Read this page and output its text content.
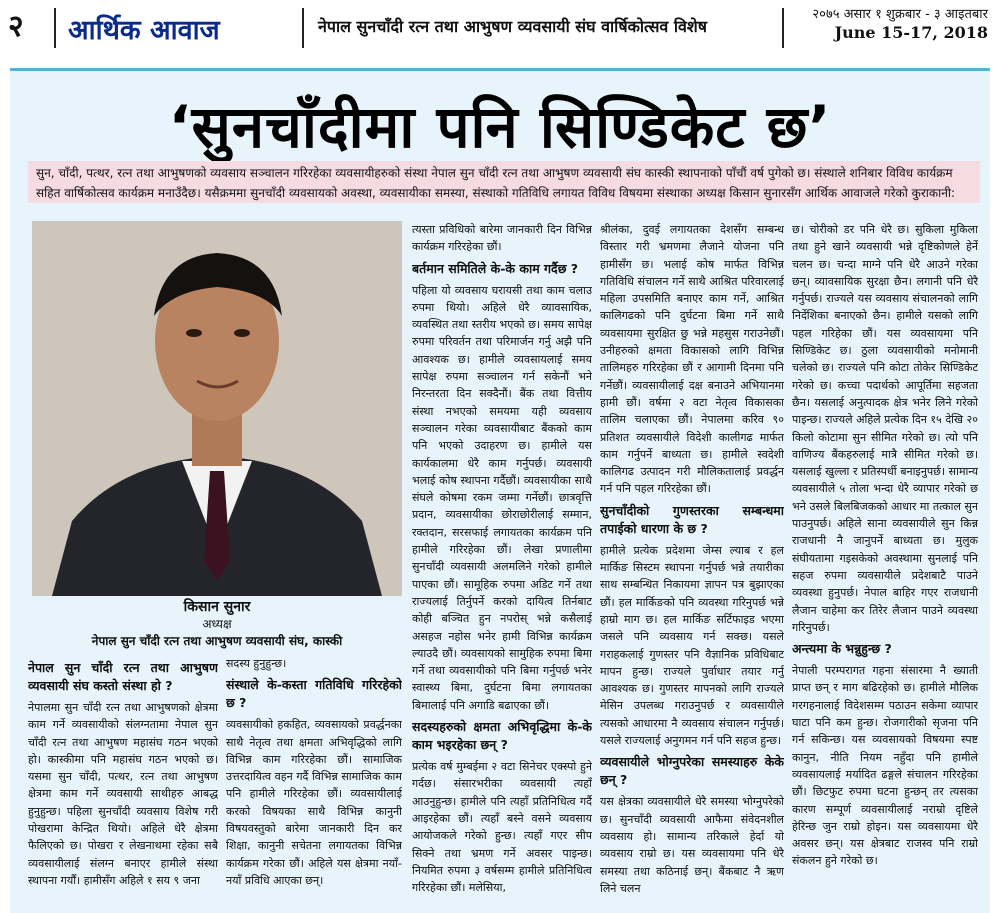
२ आर्थिक आवाज	नेपाल सुनचाँदी रत्न तथा आभुषण व्यवसायी संघ वार्षिकोत्सव विशेष
२०७५ असार १ शुक्रबार - ३ आइतबार
June 15-17, 2018
‘सुनचाँदीमा पनि सिण्डिकेट छ’
सुन, चाँदी, पत्थर, रत्न तथा आभुषणको व्यवसाय सञ्चालन गरिरहेका व्यवसायीहरुको संस्था नेपाल सुन चाँदी रत्न तथा आभुषण व्यवसायी संघ कास्की स्थापनाको पाँचौं वर्ष पुगेको छ। संस्थाले शनिबार विविध कार्यक्रम सहित वार्षिकोत्सव कार्यक्रम मनाउँदैछ। यसैक्रममा सुनचाँदी व्यवसायको अवस्था, व्यवसायीका समस्या, संस्थाको गतिविधि लगायत विविध विषयमा संस्थाका अध्यक्ष किसान सुनारसँग आर्थिक आवाजले गरेको कुराकानी:
किसान सुनार
अध्यक्ष
नेपाल सुन चाँदी रत्न तथा आभुषण व्यवसायी संघ, कास्की
नेपाल सुन चाँदी रत्न तथा आभुषण व्यवसायी संघ कस्तो संस्था हो ?

नेपालमा सुन चाँदी रत्न तथा आभुषणको क्षेत्रमा काम गर्ने व्यवसायीको संलग्नतामा नेपाल सुन चाँदी रत्न तथा आभुषण महासंघ गठन भएको हो। कास्कीमा पनि महासंघ गठन भएको छ। यसमा सुन चाँदी, पत्थर, रत्न तथा आभुषण क्षेत्रमा काम गर्ने व्यवसायी साथीहरु आबद्ध हुनुहुन्छ। पहिला सुनचाँदी व्यवसाय विशेष गरी पोखरामा केन्द्रित थियो। अहिले धेरै क्षेत्रमा फैलिएको छ। पोखरा र लेखनाथमा रहेका सबै व्यवसायीलाई संलग्न बनाएर हामीले संस्था स्थापना गर्यौं। हामीसँग अहिले १ सय ९ जना

सदस्य हुनुहुन्छ।

संस्थाले के-कस्ता गतिविधि गरिरहेको छ ?

व्यवसायीको हकहित, व्यवसायको प्रवर्द्धनका साथै नेतृत्व तथा क्षमता अभिवृद्धिको लागि विभिन्न काम गरिरहेका छौं। सामाजिक उत्तरदायित्व वहन गर्दै विभिन्न सामाजिक काम पनि हामीले गरिरहेका छौं। व्यवसायीलाई करको विषयका साथै विभिन्न कानुनी विषयवस्तुको बारेमा जानकारी दिन कर शिक्षा, कानुनी सचेतना लगायतका विभिन्न कार्यक्रम गरेका छौं। अहिले यस क्षेत्रमा नयाँ-नयाँ प्रविधि आएका छन्।

त्यस्ता प्रविधिको बारेमा जानकारी दिन विभिन्न कार्यक्रम गरिरहेका छौं।

बर्तमान समितिले के-के काम गर्दैछ ?

पहिला यो व्यवसाय घरायसी तथा काम चलाउ रुपमा थियो। अहिले धेरै व्यावसायिक, व्यवस्थित तथा स्तरीय भएको छ। समय सापेक्ष रुपमा परिवर्तन तथा परिमार्जन गर्नु अझै पनि आवश्यक छ। हामीले व्यवसायलाई समय सापेक्ष रुपमा सञ्चालन गर्न सकेनौं भने निरन्तरता दिन सक्दैनौं। बैंक तथा वित्तीय संस्था नभएको समयमा यही व्यवसाय सञ्चालन गरेका व्यवसायीबाट बैंकको काम पनि भएको उदाहरण छ। हामीले यस कार्यकालमा धेरै काम गर्नुपर्छ। व्यवसायी भलाई कोष स्थापना गर्दैछौं। व्यवसायीका साथै संघले कोषमा रकम जम्मा गर्नेछौं। छात्रवृत्ति प्रदान, व्यवसायीका छोराछोरीलाई सम्मान, रक्तदान, सरसफाई लगायतका कार्यक्रम पनि हामीले गरिरहेका छौं। लेखा प्रणालीमा सुनचाँदी व्यवसायी अलमलिने गरेको हामीले पाएका छौं। सामूहिक रुपमा अडिट गर्ने तथा राज्यलाई तिर्नुपर्ने करको दायित्व तिर्नबाट कोही बञ्चित हुन नपरोस् भन्ने कसैलाई असहज नहोस भनेर हामी विभिन्न कार्यक्रम ल्याउदै छौं। व्यवसायको सामुहिक रुपमा बिमा गर्ने तथा व्यवसायीको पनि बिमा गर्नुपर्छ भनेर स्वास्थ्य बिमा, दुर्घटना बिमा लगायतका बिमालाई पनि अगाडि बढाएका छौं।

सदस्यहरुको क्षमता अभिवृद्धिमा के-के काम भइरहेका छन् ?

प्रत्येक वर्ष मुम्बईमा २ वटा सिनेचर एक्स्पो हुने गर्दछ। संसारभरीका व्यवसायी त्यहाँ आउनुहुन्छ। हामीले पनि त्यहाँ प्रतिनिधित्व गर्दै आइरहेका छौं। त्यहाँ बस्ने वसने व्यवसाय आयोजकले गरेको हुन्छ। त्यहाँ गएर सीप सिक्ने तथा भ्रमण गर्ने अवसर पाइन्छ। नियमित रुपमा ३ वर्षसम्म हामीले प्रतिनिधित्व गरिरहेका छौं। मलेसिया,

श्रीलंका, दुवई लगायतका देशसँग सम्बन्ध विस्तार गरी भ्रमणमा लैजाने योजना पनि हामीसँग छ। भलाई कोष मार्फत विभिन्न गतिविधि संचालन गर्ने साथै आश्रित परिवारलाई महिला उपसमिति बनाएर काम गर्ने, आश्रित कालिगढको पनि दुर्घटना बिमा गर्ने साथै व्यवसायमा सुरक्षित छु भन्ने महसुस गराउनेछौं। उनीहरुको क्षमता विकासको लागि विभिन्न तालिमहरु गरिरहेका छौं र आगामी दिनमा पनि गर्नेछौं। व्यवसायीलाई दक्ष बनाउने अभियानमा हामी छौं। वर्षमा २ वटा नेतृत्व विकासका तालिम चलाएका छौं। नेपालमा करिव ९० प्रतिशत व्यवसायीले विदेशी कालीगढ मार्फत काम गर्नुपर्ने बाध्यता छ। हामीले स्वदेशी कालिगढ उत्पादन गरी मौलिकतालाई प्रवर्द्धन गर्न पनि पहल गरिरहेका छौं।

सुनचाँदीको गुणस्तरका सम्बन्धमा तपाईको धारणा के छ ?

हामीले प्रत्येक प्रदेशमा जेम्स ल्याब र हल मार्किङ सिस्टम स्थापना गर्नुपर्छ भन्ने तयारीका साथ सम्बन्धित निकायमा ज्ञापन पत्र बुझाएका छौं। हल मार्किङको पनि व्यवस्था गरिनुपर्छ भन्ने हाम्रो माग छ। हल मार्किङ सर्टिफाइड भएमा जसले पनि व्यवसाय गर्न सक्छ। यसले गराहकलाई गुणस्तर पनि वैज्ञानिक प्रविधिबाट मापन हुन्छ। राज्यले पुर्वाधार तयार गर्नु आवश्यक छ। गुणस्तर मापनको लागि राज्यले मेसिन उपलब्ध गराउनुपर्छ र व्यवसायीले त्यसको आधारमा नै व्यवसाय संचालन गर्नुपर्छ। यसले राज्यलाई अनुगमन गर्न पनि सहज हुन्छ।

व्यवसायीले भोग्नुपरेका समस्याहरु केके छन् ?

यस क्षेत्रका व्यवसायीले धेरै समस्या भोग्नुपरेको छ। सुनचाँदी व्यवसायी आफैमा संवेदनशील व्यवसाय हो। सामान्य तरिकाले हेर्दा यो व्यवसाय राम्रो छ। यस व्यवसायमा पनि धेरै समस्या तथा कठिनाई छन्। बैंकबाट नै ऋण लिने चलन

छ। चोरीको डर पनि धेरै छ। सुकिला मुकिला तथा हुने खाने व्यवसायी भन्ने दृष्टिकोणले हेर्ने चलन छ। चन्दा माग्ने पनि धेरै आउने गरेका छन्। व्यावसायिक सुरक्षा छैन। लगानी पनि धेरै गर्नुपर्छ। राज्यले यस व्यवसाय संचालनको लागि निर्देशिका बनाएको छैन। हामीले यसको लागि पहल गरिहेका छौं। यस व्यवसायमा पनि सिण्डिकेट छ। ठुला व्यवसायीको मनोमानी चलेको छ। राज्यले पनि कोटा तोकेर सिण्डिकेट गरेको छ। कच्चा पदार्थको आपूर्तिमा सहजता छैन। यसलाई अनुत्पादक क्षेत्र भनेर लिने गरेको पाइन्छ। राज्यले अहिले प्रत्येक दिन १५ देखि २० किलो कोटामा सुन सीमित गरेको छ। त्यो पनि वाणिज्य बैंकहरुलाई मात्रै सीमित गरेको छ। यसलाई खुल्ला र प्रतिस्पर्धी बनाइनुपर्छ। सामान्य व्यवसायीले ५ तोला भन्दा धेरै व्यापार गरेको छ भने उसले बिलबिजकको आधार मा तत्काल सुन पाउनुपर्छ। अहिले साना व्यवसायीले सुन किन्न राजधानी नै जानुपर्ने बाध्यता छ। मुलुक संघीयतामा गइसकेको अवस्थामा सुनलाई पनि सहज रुपमा व्यवसायीले प्रदेशबाटै पाउने व्यवस्था हुनुपर्छ। नेपाल बाहिर गएर राजधानी लैजान चाहेमा कर तिरेर लैजान पाउने व्यवस्था गरिनुपर्छ।

अन्त्यमा के भन्नुहुन्छ ?

नेपाली परम्परागत गहना संसारमा नै ख्याती प्राप्त छन् र माग बढिरहेको छ। हामीले मौलिक गरगहनालाई विदेशसम्म पठाउन सकेमा व्यापार घाटा पनि कम हुन्छ। रोजगारीको सृजना पनि गर्न सकिन्छ। यस व्यवसायको विषयमा स्पष्ट कानुन, नीति नियम नहुँदा पनि हामीले व्यवसायलाई मर्यादित ढङ्गले संचालन गरिरहेका छौं। छिटफुट रुपमा घटना हुन्छन् तर त्यसका कारण सम्पूर्ण व्यवसायीलाई नराम्रो दृष्टिले हेरिन्छ जुन राम्रो होइन। यस व्यवसायमा धेरै अवसर छन्। यस क्षेत्रबाट राजस्व पनि राम्रो संकलन हुने गरेको छ।
